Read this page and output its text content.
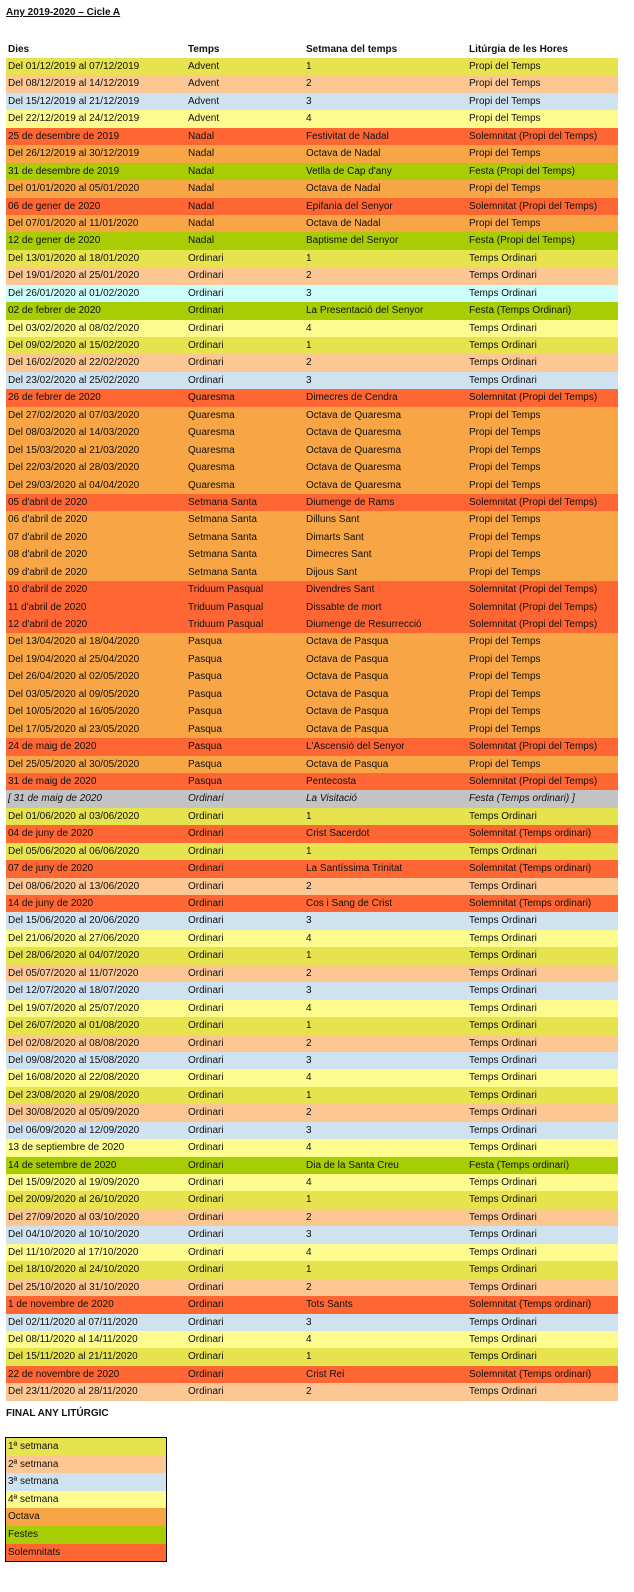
Any 2019-2020 – Cicle A
Dies	Temps	Setmana del temps	Litúrgia de les Hores
Del 01/12/2019 al 07/12/2019	Advent	1	Propi del Temps
Del 08/12/2019 al 14/12/2019	Advent	2	Propi del Temps
Del 15/12/2019 al 21/12/2019	Advent	3	Propi del Temps
Del 22/12/2019 al 24/12/2019	Advent	4	Propi del Temps
25 de desembre de 2019	Nadal	Festivitat de Nadal	Solemnitat (Propi del Temps)
Del 26/12/2019 al 30/12/2019	Nadal	Octava de Nadal	Propi del Temps
31 de desembre de 2019	Nadal	Vetlla de Cap d'any	Festa (Propi del Temps)
Del 01/01/2020 al 05/01/2020	Nadal	Octava de Nadal	Propi del Temps
06 de gener de 2020	Nadal	Epifania del Senyor	Solemnitat (Propi del Temps)
Del 07/01/2020 al 11/01/2020	Nadal	Octava de Nadal	Propi del Temps
12 de gener de 2020	Nadal	Baptisme del Senyor	Festa (Propi del Temps)
Del 13/01/2020 al 18/01/2020	Ordinari	1	Temps Ordinari
Del 19/01/2020 al 25/01/2020	Ordinari	2	Temps Ordinari
Del 26/01/2020 al 01/02/2020	Ordinari	3	Temps Ordinari
02 de febrer de 2020	Ordinari	La Presentació del Senyor	Festa (Temps Ordinari)
Del 03/02/2020 al 08/02/2020	Ordinari	4	Temps Ordinari
Del 09/02/2020 al 15/02/2020	Ordinari	1	Temps Ordinari
Del 16/02/2020 al 22/02/2020	Ordinari	2	Temps Ordinari
Del 23/02/2020 al 25/02/2020	Ordinari	3	Temps Ordinari
26 de febrer de 2020	Quaresma	Dimecres de Cendra	Solemnitat (Propi del Temps)
Del 27/02/2020 al 07/03/2020	Quaresma	Octava de Quaresma	Propi del Temps
Del 08/03/2020 al 14/03/2020	Quaresma	Octava de Quaresma	Propi del Temps
Del 15/03/2020 al 21/03/2020	Quaresma	Octava de Quaresma	Propi del Temps
Del 22/03/2020 al 28/03/2020	Quaresma	Octava de Quaresma	Propi del Temps
Del 29/03/2020 al 04/04/2020	Quaresma	Octava de Quaresma	Propi del Temps
05 d'abril de 2020	Setmana Santa	Diumenge de Rams	Solemnitat (Propi del Temps)
06 d'abril de 2020	Setmana Santa	Dilluns Sant	Propi del Temps
07 d'abril de 2020	Setmana Santa	Dimarts Sant	Propi del Temps
08 d'abril de 2020	Setmana Santa	Dimecres Sant	Propi del Temps
09 d'abril de 2020	Setmana Santa	Dijous Sant	Propi del Temps
10 d'abril de 2020	Triduum Pasqual	Divendres Sant	Solemnitat (Propi del Temps)
11 d'abril de 2020	Triduum Pasqual	Dissabte de mort	Solemnitat (Propi del Temps)
12 d'abril de 2020	Triduum Pasqual	Diumenge de Resurrecció	Solemnitat (Propi del Temps)
Del 13/04/2020 al 18/04/2020	Pasqua	Octava de Pasqua	Propi del Temps
Del 19/04/2020 al 25/04/2020	Pasqua	Octava de Pasqua	Propi del Temps
Del 26/04/2020 al 02/05/2020	Pasqua	Octava de Pasqua	Propi del Temps
Del 03/05/2020 al 09/05/2020	Pasqua	Octava de Pasqua	Propi del Temps
Del 10/05/2020 al 16/05/2020	Pasqua	Octava de Pasqua	Propi del Temps
Del 17/05/2020 al 23/05/2020	Pasqua	Octava de Pasqua	Propi del Temps
24 de maig de 2020	Pasqua	L'Ascensió del Senyor	Solemnitat (Propi del Temps)
Del 25/05/2020 al 30/05/2020	Pasqua	Octava de Pasqua	Propi del Temps
31 de maig de 2020	Pasqua	Pentecosta	Solemnitat (Propi del Temps)
[ 31 de maig de 2020	Ordinari	La Visitació	Festa (Temps ordinari) ]
Del 01/06/2020 al 03/06/2020	Ordinari	1	Temps Ordinari
04 de juny de 2020	Ordinari	Crist Sacerdot	Solemnitat (Temps ordinari)
Del 05/06/2020 al 06/06/2020	Ordinari	1	Temps Ordinari
07 de juny de 2020	Ordinari	La Santíssima Trinitat	Solemnitat (Temps ordinari)
Del 08/06/2020 al 13/06/2020	Ordinari	2	Temps Ordinari
14 de juny de 2020	Ordinari	Cos i Sang de Crist	Solemnitat (Temps ordinari)
Del 15/06/2020 al 20/06/2020	Ordinari	3	Temps Ordinari
Del 21/06/2020 al 27/06/2020	Ordinari	4	Temps Ordinari
Del 28/06/2020 al 04/07/2020	Ordinari	1	Temps Ordinari
Del 05/07/2020 al 11/07/2020	Ordinari	2	Temps Ordinari
Del 12/07/2020 al 18/07/2020	Ordinari	3	Temps Ordinari
Del 19/07/2020 al 25/07/2020	Ordinari	4	Temps Ordinari
Del 26/07/2020 al 01/08/2020	Ordinari	1	Temps Ordinari
Del 02/08/2020 al 08/08/2020	Ordinari	2	Temps Ordinari
Del 09/08/2020 al 15/08/2020	Ordinari	3	Temps Ordinari
Del 16/08/2020 al 22/08/2020	Ordinari	4	Temps Ordinari
Del 23/08/2020 al 29/08/2020	Ordinari	1	Temps Ordinari
Del 30/08/2020 al 05/09/2020	Ordinari	2	Temps Ordinari
Del 06/09/2020 al 12/09/2020	Ordinari	3	Temps Ordinari
13 de septiembre de 2020	Ordinari	4	Temps Ordinari
14 de setembre de 2020	Ordinari	Dia de la Santa Creu	Festa (Temps ordinari)
Del 15/09/2020 al 19/09/2020	Ordinari	4	Temps Ordinari
Del 20/09/2020 al 26/10/2020	Ordinari	1	Temps Ordinari
Del 27/09/2020 al 03/10/2020	Ordinari	2	Temps Ordinari
Del 04/10/2020 al 10/10/2020	Ordinari	3	Temps Ordinari
Del 11/10/2020 al 17/10/2020	Ordinari	4	Temps Ordinari
Del 18/10/2020 al 24/10/2020	Ordinari	1	Temps Ordinari
Del 25/10/2020 al 31/10/2020	Ordinari	2	Temps Ordinari
1 de novembre de 2020	Ordinari	Tots Sants	Solemnitat (Temps ordinari)
Del 02/11/2020 al 07/11/2020	Ordinari	3	Temps Ordinari
Del 08/11/2020 al 14/11/2020	Ordinari	4	Temps Ordinari
Del 15/11/2020 al 21/11/2020	Ordinari	1	Temps Ordinari
22 de novembre de 2020	Ordinari	Crist Rei	Solemnitat (Temps ordinari)
Del 23/11/2020 al 28/11/2020	Ordinari	2	Temps Ordinari
FINAL ANY LITÚRGIC
1ª setmana
2ª setmana
3ª setmana
4ª setmana
Octava
Festes
Solemnitats
